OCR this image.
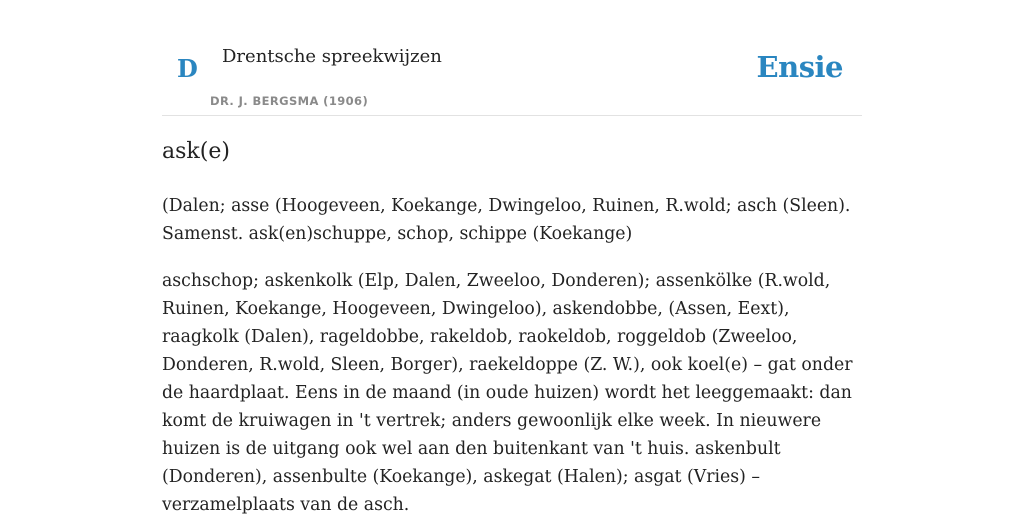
D Drentsche spreekwijzen
DR. J. BERGSMA (1906)
Ensie
ask(e)

(Dalen; asse (Hoogeveen, Koekange, Dwingeloo, Ruinen, R.wold; asch (Sleen). Samenst. ask(en)schuppe, schop, schippe (Koekange)

aschschop; askenkolk (Elp, Dalen, Zweeloo, Donderen); assenkölke (R.wold, Ruinen, Koekange, Hoogeveen, Dwingeloo), askendobbe, (Assen, Eext), raagkolk (Dalen), rageldobbe, rakeldob, raokeldob, roggeldob (Zweeloo, Donderen, R.wold, Sleen, Borger), raekeldoppe (Z. W.), ook koel(e) – gat onder de haardplaat. Eens in de maand (in oude huizen) wordt het leeggemaakt: dan komt de kruiwagen in 't vertrek; anders gewoonlijk elke week. In nieuwere huizen is de uitgang ook wel aan den buitenkant van 't huis. askenbult (Donderen), assenbulte (Koekange), askegat (Halen); asgat (Vries) – verzamelplaats van de asch.
